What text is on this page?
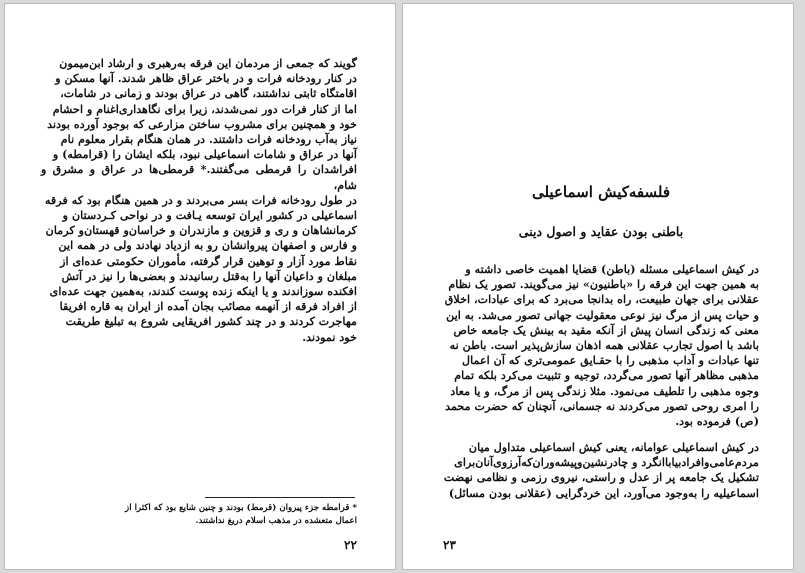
گویند که جمعی از مردمان این فرقه به‌رهبری و ارشاد ابن‌میمون
در کنار رودخانه فرات و در باختر عراق ظاهر شدند. آنها مسکن و
اقامتگاه ثابتی نداشتند، گاهی در عراق بودند و زمانی در شامات،
اما از کنار فرات دور نمی‌شدند، زیرا برای نگاهداری‌اغنام و احشام
خود و همچنین برای مشروب ساختن مزارعی که بوجود آورده بودند
نیاز به‌آب رودخانه فرات داشتند. در همان هنگام بقرار معلوم نام
آنها در عراق و شامات اسماعیلی نبود، بلکه ایشان را (قرامطه) و
افراشدان را قرمطی می‌گفتند.* قرمطی‌ها در عراق و مشرق و شام،
در طول رودخانه فرات بسر می‌بردند و در همین هنگام بود که فرقه
اسماعیلی در کشور ایران توسعه یـافت و در نواحی کـردستان و
کرمانشاهان و ری و قزوین و مازندران و خراسان‌و قهستان‌و کرمان
و فارس و اصفهان پیروانشان رو به ازدیاد نهادند ولی در همه این
نقاط مورد آزار و توهین قرار گرفته، مأموران حکومتی عده‌ای از
مبلغان و داعیان آنها را به‌قتل رسانیدند و بعضی‌ها را نیز در آتش
افکنده سوزاندند و یا اینکه زنده پوست کندند، به‌همین جهت عده‌ای
از افراد فرقه از آنهمه مصائب بجان آمده از ایران به قاره افریقا
مهاجرت کردند و در چند کشور افریقایی شروع به تبلیغ طریقت
خود نمودند.
* قرامطه جزء پیروان (قرمط) بودند و چنین شایع بود که اکثرا از
اعمال متعشده در مذهب اسلام دریغ نداشتند.
۲۲
فلسفه‌کیش اسماعیلی
باطنی بودن عقاید و اصول دینی
در کیش اسماعیلی مسئله (باطن) قضایا اهمیت خاصی داشته و
به همین جهت این فرقه را «باطنیون» نیز می‌گویند. تصور یک نظام
عقلانی برای جهان طبیعت، راه بدانجا می‌برد که برای عبادات، اخلاق
و حیات پس از مرگ نیز نوعی معقولیت جهانی تصور می‌شد. به این
معنی که زندگی انسان پیش از آنکه مقید به بینش یک جامعه خاص
باشد با اصول تجارب عقلانی همه اذهان سازش‌پذیر است. باطن نه
تنها عبادات و آداب مذهبی را با حقـایق عمومی‌تری که آن اعمال
مذهبی مظاهر آنها تصور می‌گردد، توجیه و تثبیت می‌کرد بلکه تمام
وجوه مذهبی را تلطیف می‌نمود. مثلا زندگی پس از مرگ، و یا معاد
را امری روحی تصور می‌کردند نه جسمانی، آنچنان که حضرت محمد
(ص) فرموده بود.
در کیش اسماعیلی عوامانه، یعنی کیش اسماعیلی متداول میان
مردم‌عامی‌و‌افراد‌بیاباانگرد و چادرنشین‌و‌پیشه‌وران‌که‌آرزوی‌آنان‌برای
تشکیل یک جامعه پر از عدل و راستی، نیروی رزمی و نظامی نهضت
اسماعیلیه را به‌وجود می‌آورد، این خردگرایی (عقلانی بودن مسائل)
۲۳
